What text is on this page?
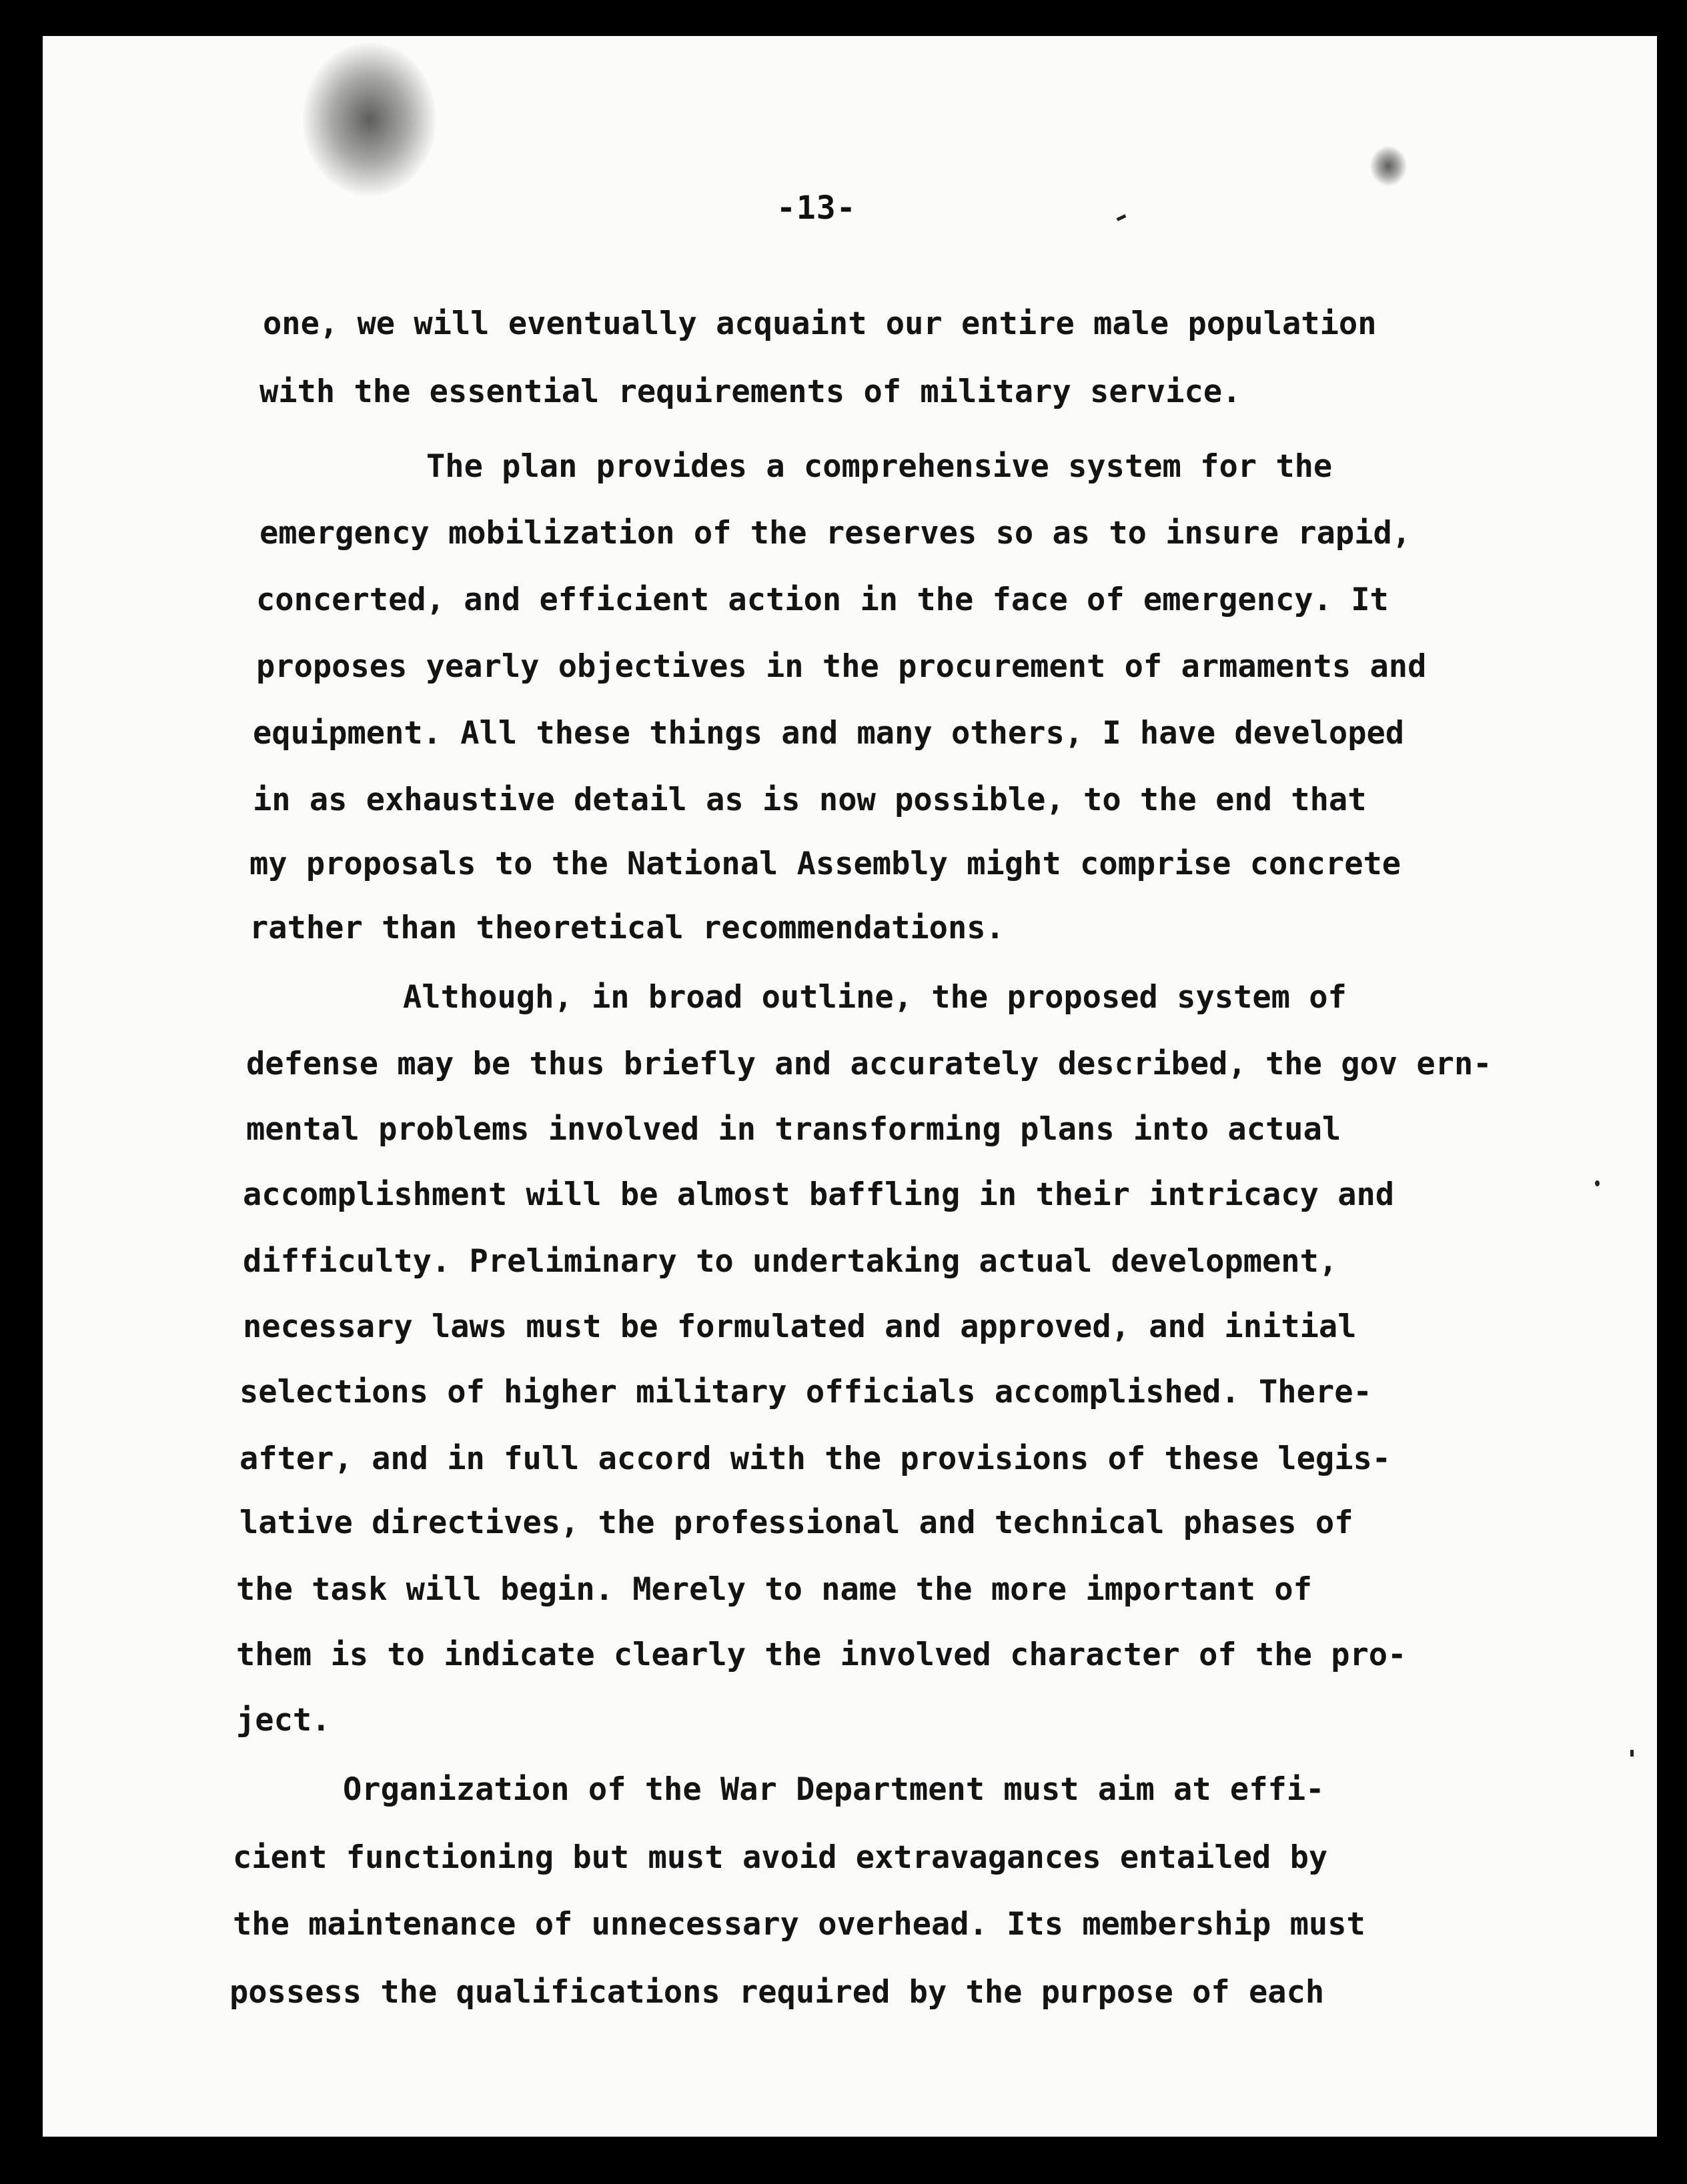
-13-
one, we will eventually acquaint our entire male population
with the essential requirements of military service.
The plan provides a comprehensive system for the
emergency mobilization of the reserves so as to insure rapid,
concerted, and efficient action in the face of emergency. It
proposes yearly objectives in the procurement of armaments and
equipment. All these things and many others, I have developed
in as exhaustive detail as is now possible, to the end that
my proposals to the National Assembly might comprise concrete
rather than theoretical recommendations.
Although, in broad outline, the proposed system of
defense may be thus briefly and accurately described, the gov ern-
mental problems involved in transforming plans into actual
accomplishment will be almost baffling in their intricacy and
difficulty. Preliminary to undertaking actual development,
necessary laws must be formulated and approved, and initial
selections of higher military officials accomplished. There-
after, and in full accord with the provisions of these legis-
lative directives, the professional and technical phases of
the task will begin. Merely to name the more important of
them is to indicate clearly the involved character of the pro-
ject.
Organization of the War Department must aim at effi-
cient functioning but must avoid extravagances entailed by
the maintenance of unnecessary overhead. Its membership must
possess the qualifications required by the purpose of each
